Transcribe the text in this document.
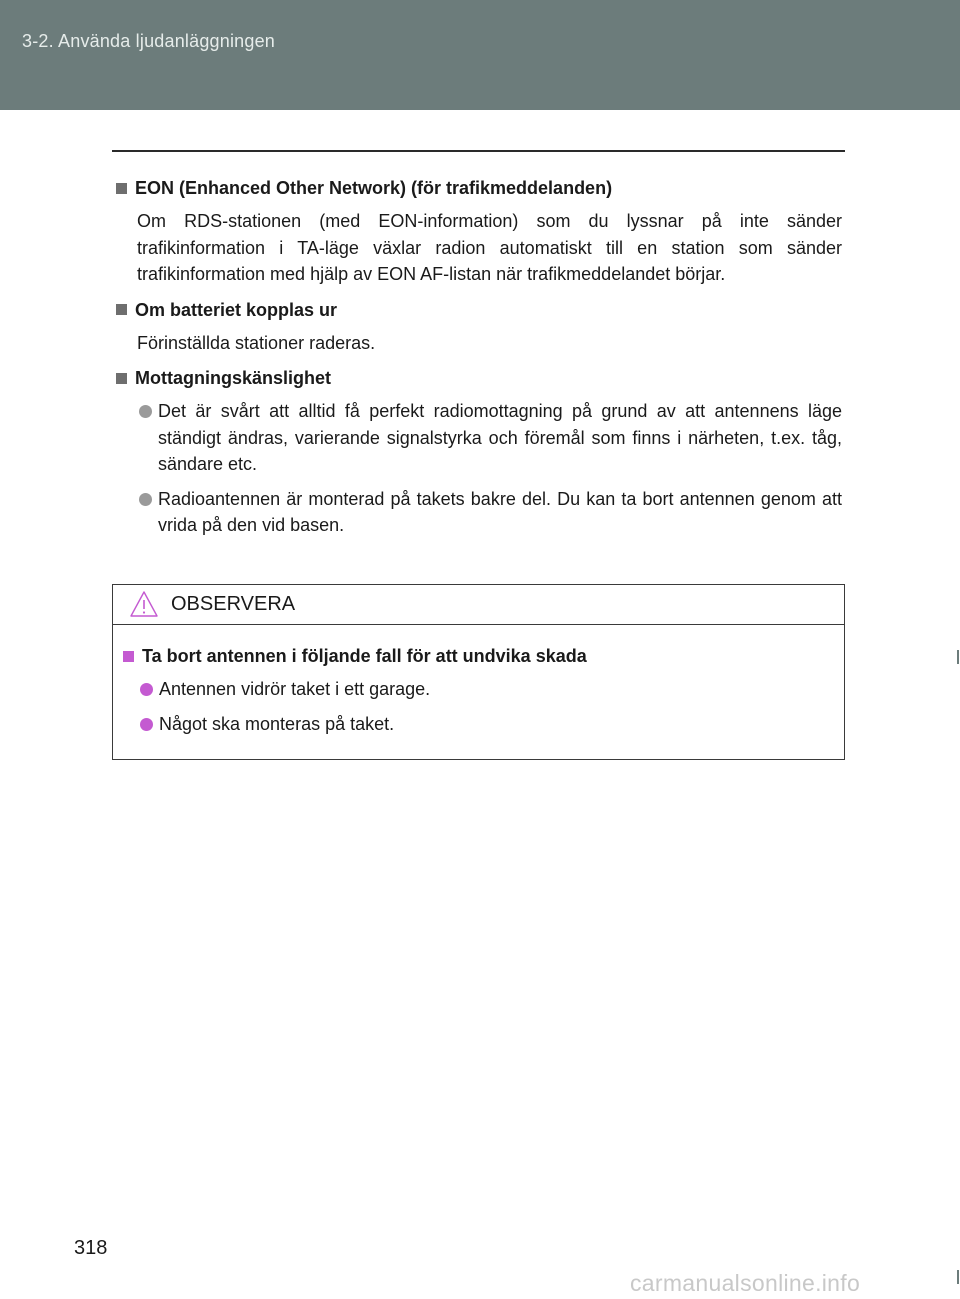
3-2. Använda ljudanläggningen
EON (Enhanced Other Network) (för trafikmeddelanden)
Om RDS-stationen (med EON-information) som du lyssnar på inte sänder trafikinformation i TA-läge växlar radion automatiskt till en station som sänder trafikinformation med hjälp av EON AF-listan när trafikmeddelandet börjar.
Om batteriet kopplas ur
Förinställda stationer raderas.
Mottagningskänslighet
Det är svårt att alltid få perfekt radiomottagning på grund av att antennens läge ständigt ändras, varierande signalstyrka och föremål som finns i närheten, t.ex. tåg, sändare etc.
Radioantennen är monterad på takets bakre del. Du kan ta bort antennen genom att vrida på den vid basen.
OBSERVERA
Ta bort antennen i följande fall för att undvika skada
Antennen vidrör taket i ett garage.
Något ska monteras på taket.
318
carmanualsonline.info
